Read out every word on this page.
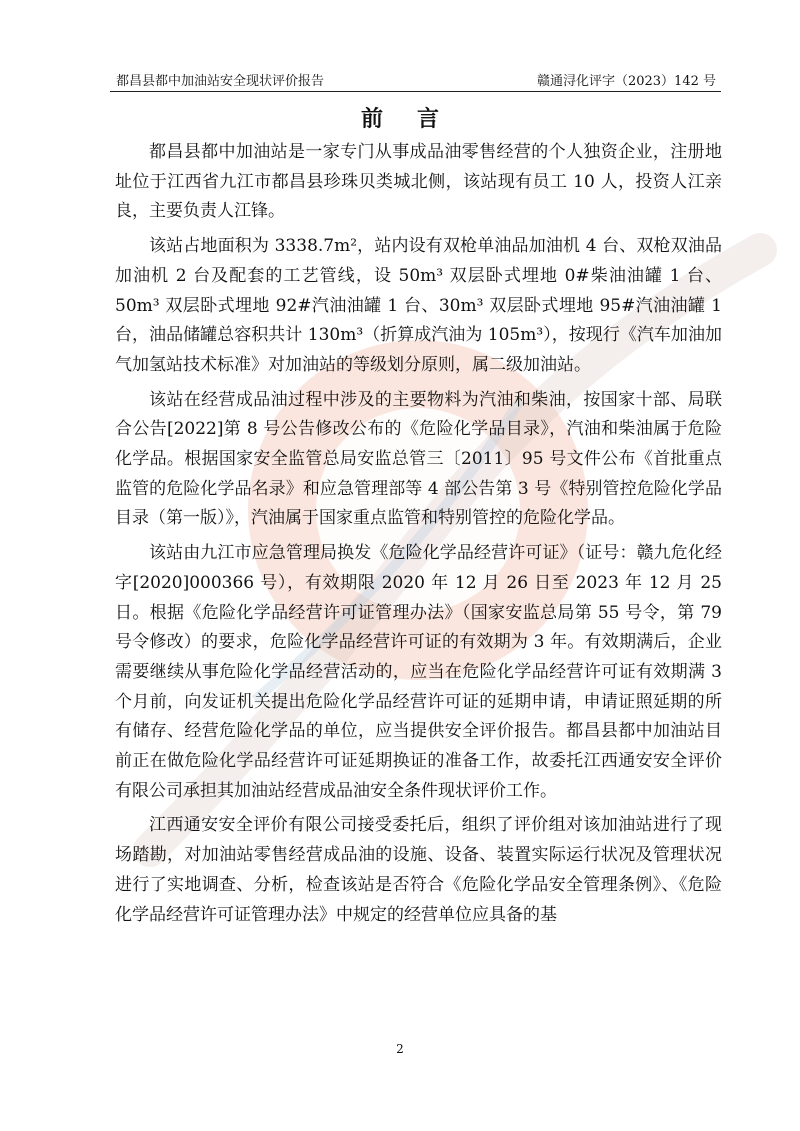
都昌县都中加油站安全现状评价报告	赣通浔化评字（2023）142 号
前言

都昌县都中加油站是一家专门从事成品油零售经营的个人独资企业，注册地址位于江西省九江市都昌县珍珠贝类城北侧，该站现有员工 10 人，投资人江亲良，主要负责人江锋。

该站占地面积为 3338.7m²，站内设有双枪单油品加油机 4 台、双枪双油品加油机 2 台及配套的工艺管线，设 50m³ 双层卧式埋地 0#柴油油罐 1 台、50m³ 双层卧式埋地 92#汽油油罐 1 台、30m³ 双层卧式埋地 95#汽油油罐 1 台，油品储罐总容积共计 130m³（折算成汽油为 105m³），按现行《汽车加油加气加氢站技术标准》对加油站的等级划分原则，属二级加油站。

该站在经营成品油过程中涉及的主要物料为汽油和柴油，按国家十部、局联合公告[2022]第 8 号公告修改公布的《危险化学品目录》，汽油和柴油属于危险化学品。根据国家安全监管总局安监总管三〔2011〕95 号文件公布《首批重点监管的危险化学品名录》和应急管理部等 4 部公告第 3 号《特别管控危险化学品目录（第一版）》，汽油属于国家重点监管和特别管控的危险化学品。

该站由九江市应急管理局换发《危险化学品经营许可证》（证号：赣九危化经字[2020]000366 号），有效期限 2020 年 12 月 26 日至 2023 年 12 月 25 日。根据《危险化学品经营许可证管理办法》（国家安监总局第 55 号令，第 79 号令修改）的要求，危险化学品经营许可证的有效期为 3 年。有效期满后，企业需要继续从事危险化学品经营活动的，应当在危险化学品经营许可证有效期满 3 个月前，向发证机关提出危险化学品经营许可证的延期申请，申请证照延期的所有储存、经营危险化学品的单位，应当提供安全评价报告。都昌县都中加油站目前正在做危险化学品经营许可证延期换证的准备工作，故委托江西通安安全评价有限公司承担其加油站经营成品油安全条件现状评价工作。

江西通安安全评价有限公司接受委托后，组织了评价组对该加油站进行了现场踏勘，对加油站零售经营成品油的设施、设备、装置实际运行状况及管理状况进行了实地调查、分析，检查该站是否符合《危险化学品安全管理条例》、《危险化学品经营许可证管理办法》中规定的经营单位应具备的基

2
